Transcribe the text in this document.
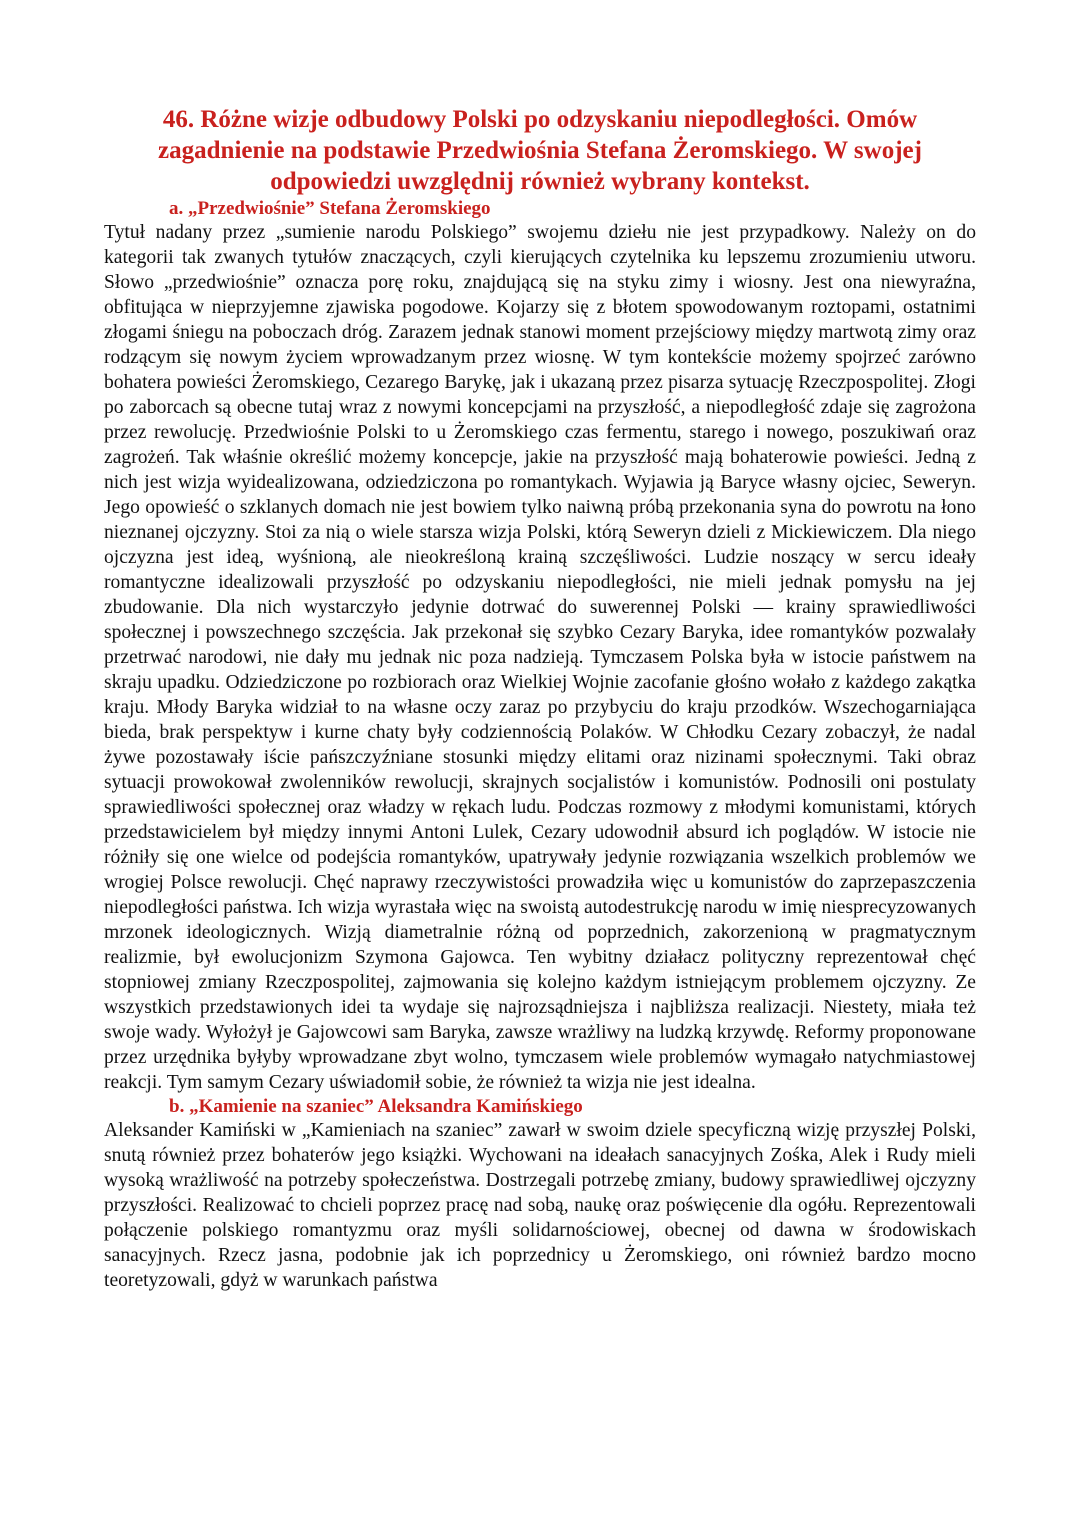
46. Różne wizje odbudowy Polski po odzyskaniu niepodległości. Omów zagadnienie na podstawie Przedwiośnia Stefana Żeromskiego. W swojej odpowiedzi uwzględnij również wybrany kontekst.
a. „Przedwiośnie” Stefana Żeromskiego

Tytuł nadany przez „sumienie narodu Polskiego” swojemu dziełu nie jest przypadkowy. Należy on do kategorii tak zwanych tytułów znaczących, czyli kierujących czytelnika ku lepszemu zrozumieniu utworu. Słowo „przedwiośnie” oznacza porę roku, znajdującą się na styku zimy i wiosny. Jest ona niewyraźna, obfitująca w nieprzyjemne zjawiska pogodowe. Kojarzy się z błotem spowodowanym roztopami, ostatnimi złogami śniegu na poboczach dróg. Zarazem jednak stanowi moment przejściowy między martwotą zimy oraz rodzącym się nowym życiem wprowadzanym przez wiosnę. W tym kontekście możemy spojrzeć zarówno bohatera powieści Żeromskiego, Cezarego Barykę, jak i ukazaną przez pisarza sytuację Rzeczpospolitej. Złogi po zaborcach są obecne tutaj wraz z nowymi koncepcjami na przyszłość, a niepodległość zdaje się zagrożona przez rewolucję. Przedwiośnie Polski to u Żeromskiego czas fermentu, starego i nowego, poszukiwań oraz zagrożeń. Tak właśnie określić możemy koncepcje, jakie na przyszłość mają bohaterowie powieści. Jedną z nich jest wizja wyidealizowana, odziedziczona po romantykach. Wyjawia ją Baryce własny ojciec, Seweryn. Jego opowieść o szklanych domach nie jest bowiem tylko naiwną próbą przekonania syna do powrotu na łono nieznanej ojczyzny. Stoi za nią o wiele starsza wizja Polski, którą Seweryn dzieli z Mickiewiczem. Dla niego ojczyzna jest ideą, wyśnioną, ale nieokreśloną krainą szczęśliwości. Ludzie noszący w sercu ideały romantyczne idealizowali przyszłość po odzyskaniu niepodległości, nie mieli jednak pomysłu na jej zbudowanie. Dla nich wystarczyło jedynie dotrwać do suwerennej Polski — krainy sprawiedliwości społecznej i powszechnego szczęścia. Jak przekonał się szybko Cezary Baryka, idee romantyków pozwalały przetrwać narodowi, nie dały mu jednak nic poza nadzieją. Tymczasem Polska była w istocie państwem na skraju upadku. Odziedziczone po rozbiorach oraz Wielkiej Wojnie zacofanie głośno wołało z każdego zakątka kraju. Młody Baryka widział to na własne oczy zaraz po przybyciu do kraju przodków. Wszechogarniająca bieda, brak perspektyw i kurne chaty były codziennością Polaków. W Chłodku Cezary zobaczył, że nadal żywe pozostawały iście pańszczyźniane stosunki między elitami oraz nizinami społecznymi. Taki obraz sytuacji prowokował zwolenników rewolucji, skrajnych socjalistów i komunistów. Podnosili oni postulaty sprawiedliwości społecznej oraz władzy w rękach ludu. Podczas rozmowy z młodymi komunistami, których przedstawicielem był między innymi Antoni Lulek, Cezary udowodnił absurd ich poglądów. W istocie nie różniły się one wielce od podejścia romantyków, upatrywały jedynie rozwiązania wszelkich problemów we wrogiej Polsce rewolucji. Chęć naprawy rzeczywistości prowadziła więc u komunistów do zaprzepaszczenia niepodległości państwa. Ich wizja wyrastała więc na swoistą autodestrukcję narodu w imię niesprecyzowanych mrzonek ideologicznych. Wizją diametralnie różną od poprzednich, zakorzenioną w pragmatycznym realizmie, był ewolucjonizm Szymona Gajowca. Ten wybitny działacz polityczny reprezentował chęć stopniowej zmiany Rzeczpospolitej, zajmowania się kolejno każdym istniejącym problemem ojczyzny. Ze wszystkich przedstawionych idei ta wydaje się najrozsądniejsza i najbliższa realizacji. Niestety, miała też swoje wady. Wyłożył je Gajowcowi sam Baryka, zawsze wrażliwy na ludzką krzywdę. Reformy proponowane przez urzędnika byłyby wprowadzane zbyt wolno, tymczasem wiele problemów wymagało natychmiastowej reakcji. Tym samym Cezary uświadomił sobie, że również ta wizja nie jest idealna.

b. „Kamienie na szaniec” Aleksandra Kamińskiego

Aleksander Kamiński w „Kamieniach na szaniec” zawarł w swoim dziele specyficzną wizję przyszłej Polski, snutą również przez bohaterów jego książki. Wychowani na ideałach sanacyjnych Zośka, Alek i Rudy mieli wysoką wrażliwość na potrzeby społeczeństwa. Dostrzegali potrzebę zmiany, budowy sprawiedliwej ojczyzny przyszłości. Realizować to chcieli poprzez pracę nad sobą, naukę oraz poświęcenie dla ogółu. Reprezentowali połączenie polskiego romantyzmu oraz myśli solidarnościowej, obecnej od dawna w środowiskach sanacyjnych. Rzecz jasna, podobnie jak ich poprzednicy u Żeromskiego, oni również bardzo mocno teoretyzowali, gdyż w warunkach państwa
